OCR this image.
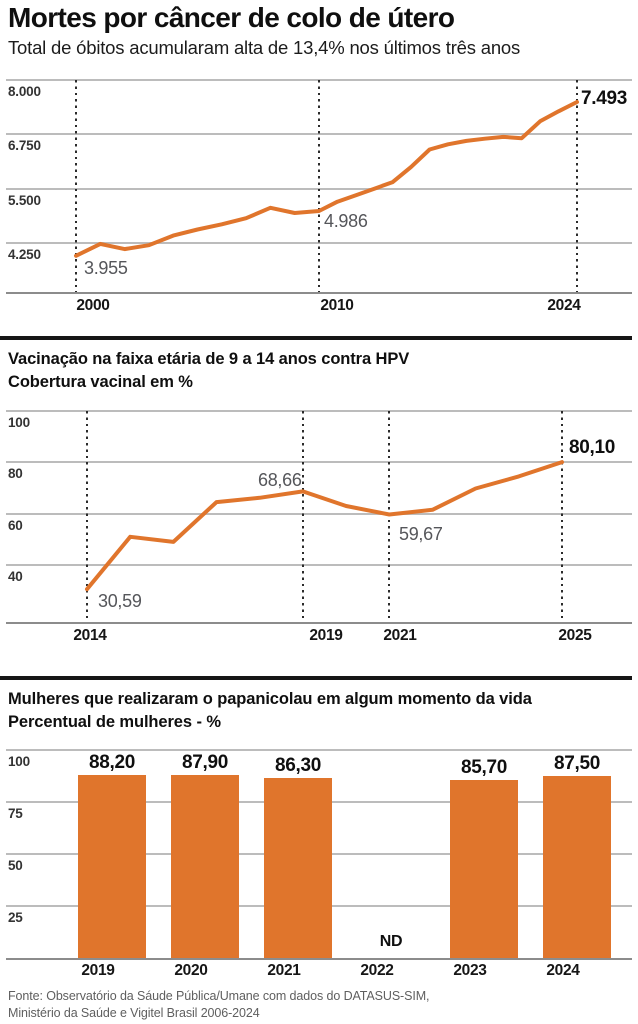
Mortes por câncer de colo de útero
Total de óbitos acumularam alta de 13,4% nos últimos três anos
8.000
6.750
5.500
4.250
2000	2010	2024
3.955
4.986
7.493
Vacinação na faixa etária de 9 a 14 anos contra HPV
Cobertura vacinal em %
100
80
60
40
2014	2019	2021	2025
30,59
68,66
59,67
80,10
Mulheres que realizaram o papanicolau em algum momento da vida
Percentual de mulheres - %
100
75
50
25
88,20
2019
87,90
2020
86,30
2021
ND
2022
85,70
2023
87,50
2024
Fonte: Observatório da Sáude Pública/Umane com dados do DATASUS-SIM,
Ministério da Saúde e Vigitel Brasil 2006-2024
